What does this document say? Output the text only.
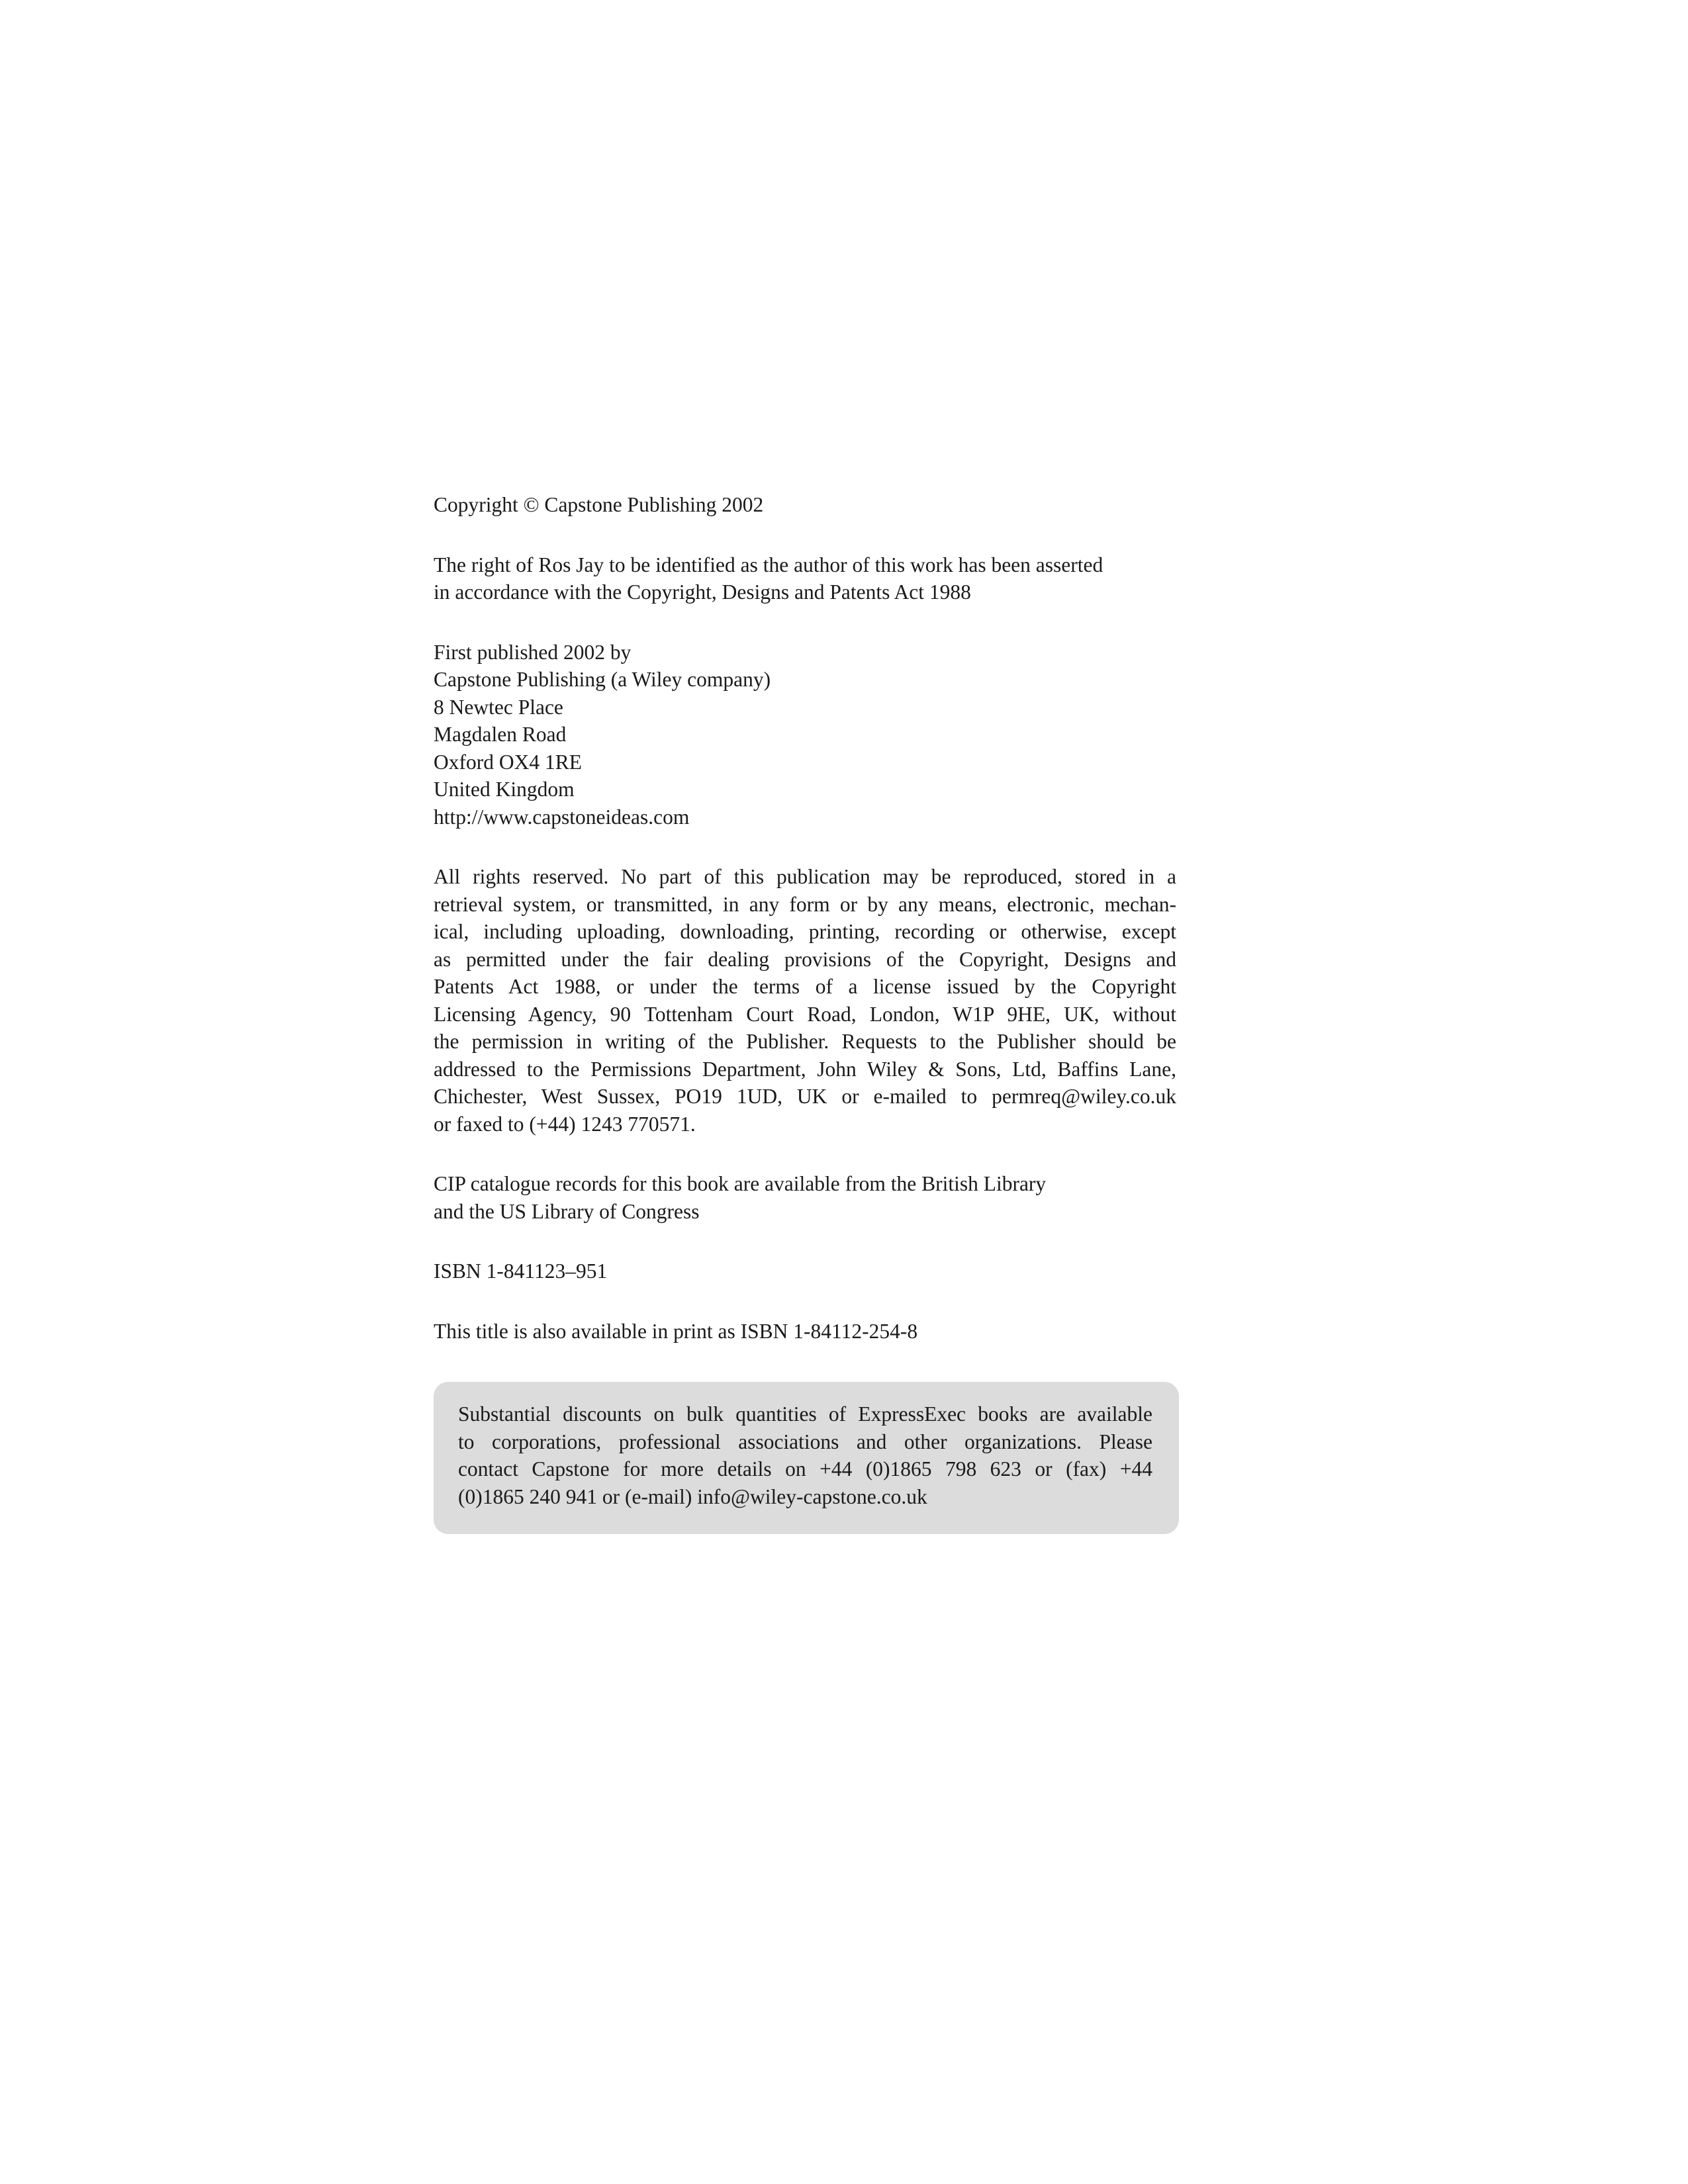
Copyright © Capstone Publishing 2002

The right of Ros Jay to be identified as the author of this work has been asserted
in accordance with the Copyright, Designs and Patents Act 1988

First published 2002 by
Capstone Publishing (a Wiley company)
8 Newtec Place
Magdalen Road
Oxford OX4 1RE
United Kingdom
http://www.capstoneideas.com

All rights reserved. No part of this publication may be reproduced, stored in a
retrieval system, or transmitted, in any form or by any means, electronic, mechan-
ical, including uploading, downloading, printing, recording or otherwise, except
as permitted under the fair dealing provisions of the Copyright, Designs and
Patents Act 1988, or under the terms of a license issued by the Copyright
Licensing Agency, 90 Tottenham Court Road, London, W1P 9HE, UK, without
the permission in writing of the Publisher. Requests to the Publisher should be
addressed to the Permissions Department, John Wiley & Sons, Ltd, Baffins Lane,
Chichester, West Sussex, PO19 1UD, UK or e-mailed to permreq@wiley.co.uk
or faxed to (+44) 1243 770571.

CIP catalogue records for this book are available from the British Library
and the US Library of Congress

ISBN 1-841123–951

This title is also available in print as ISBN 1-84112-254-8

Substantial discounts on bulk quantities of ExpressExec books are available
to corporations, professional associations and other organizations. Please
contact Capstone for more details on +44 (0)1865 798 623 or (fax) +44
(0)1865 240 941 or (e-mail) info@wiley-capstone.co.uk
